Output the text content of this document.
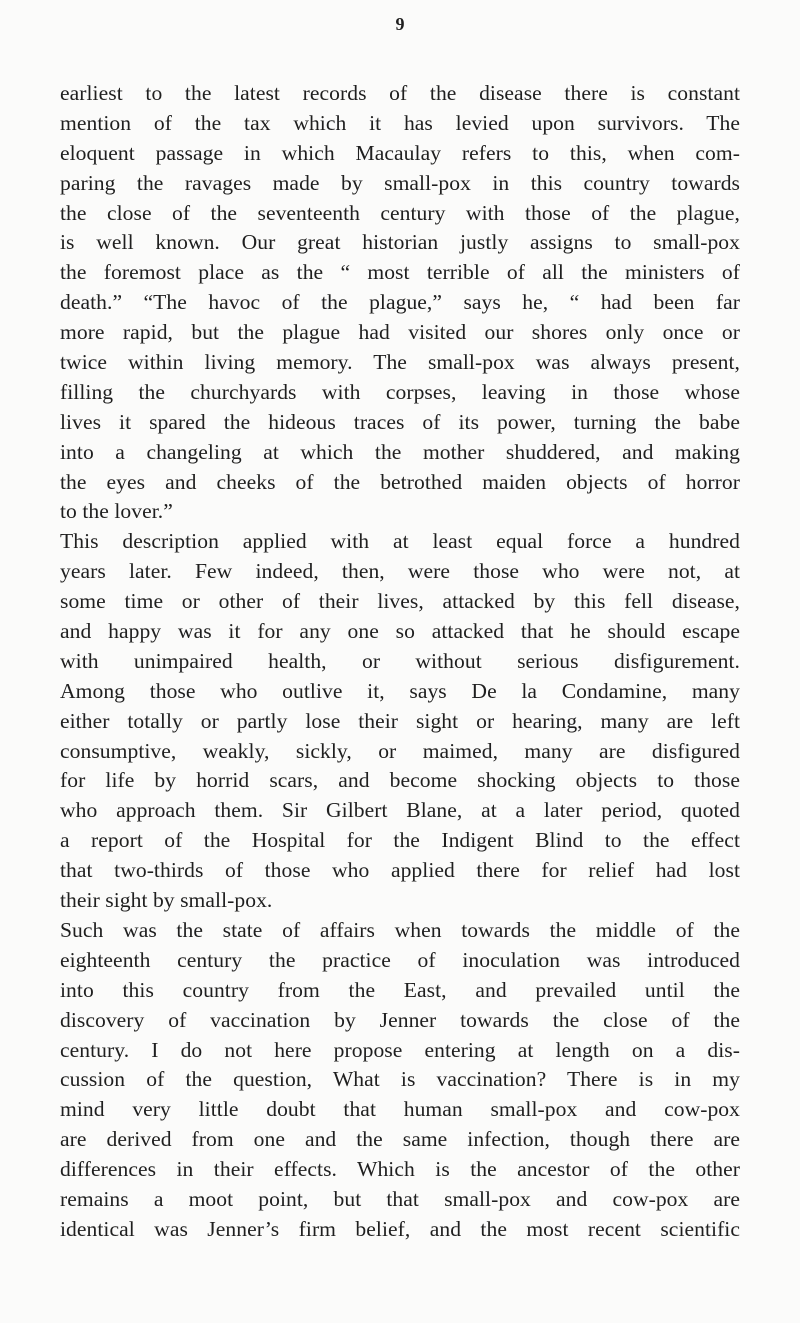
9
earliest to the latest records of the disease there is constant
mention of the tax which it has levied upon survivors. The
eloquent passage in which Macaulay refers to this, when com-
paring the ravages made by small-pox in this country towards
the close of the seventeenth century with those of the plague,
is well known. Our great historian justly assigns to small-pox
the foremost place as the “ most terrible of all the ministers of
death.” “The havoc of the plague,” says he, “ had been far
more rapid, but the plague had visited our shores only once or
twice within living memory. The small-pox was always present,
filling the churchyards with corpses, leaving in those whose
lives it spared the hideous traces of its power, turning the babe
into a changeling at which the mother shuddered, and making
the eyes and cheeks of the betrothed maiden objects of horror
to the lover.”
This description applied with at least equal force a hundred
years later. Few indeed, then, were those who were not, at
some time or other of their lives, attacked by this fell disease,
and happy was it for any one so attacked that he should escape
with unimpaired health, or without serious disfigurement.
Among those who outlive it, says De la Condamine, many
either totally or partly lose their sight or hearing, many are left
consumptive, weakly, sickly, or maimed, many are disfigured
for life by horrid scars, and become shocking objects to those
who approach them. Sir Gilbert Blane, at a later period, quoted
a report of the Hospital for the Indigent Blind to the effect
that two-thirds of those who applied there for relief had lost
their sight by small-pox.
Such was the state of affairs when towards the middle of the
eighteenth century the practice of inoculation was introduced
into this country from the East, and prevailed until the
discovery of vaccination by Jenner towards the close of the
century. I do not here propose entering at length on a dis-
cussion of the question, What is vaccination? There is in my
mind very little doubt that human small-pox and cow-pox
are derived from one and the same infection, though there are
differences in their effects. Which is the ancestor of the other
remains a moot point, but that small-pox and cow-pox are
identical was Jenner’s firm belief, and the most recent scientific
